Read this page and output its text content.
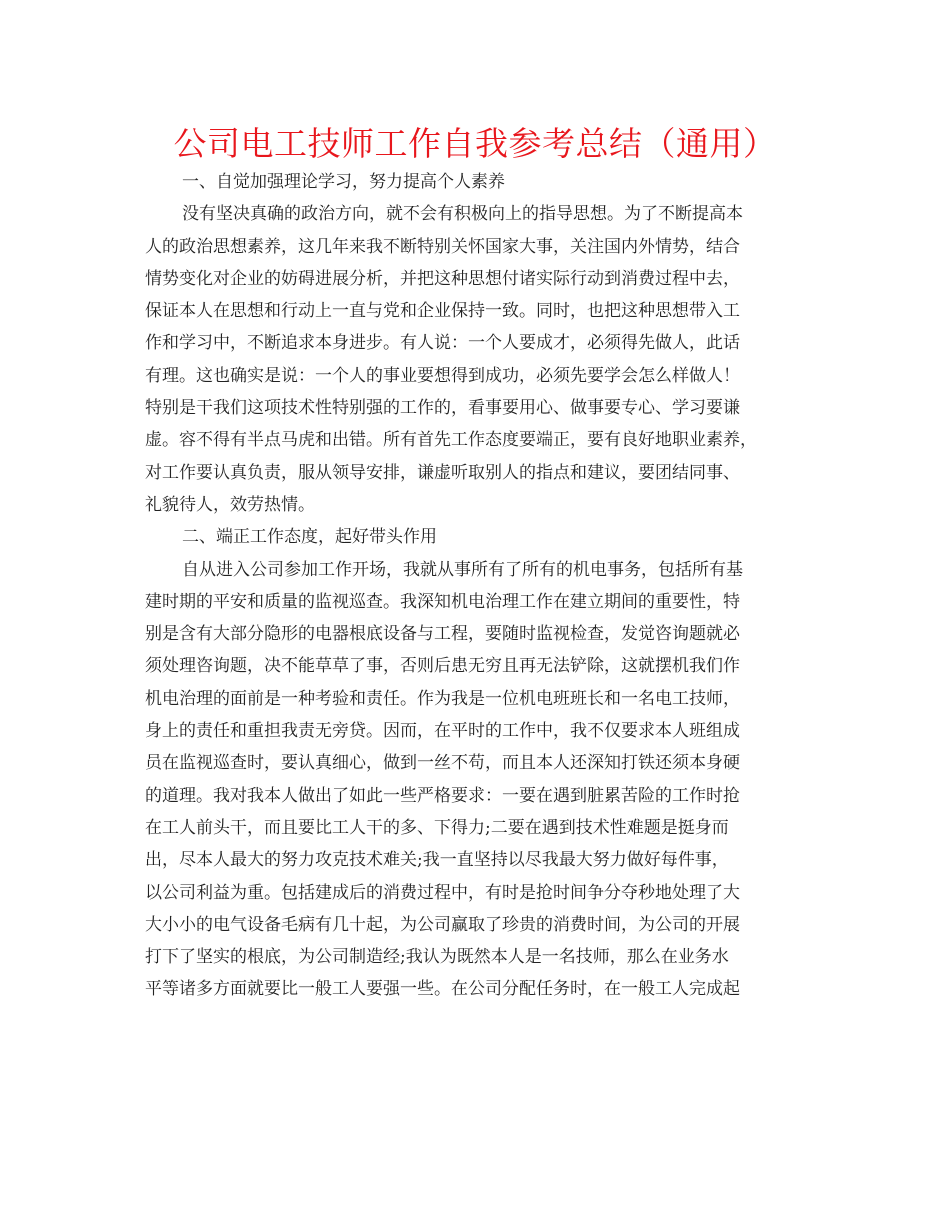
公司电工技师工作自我参考总结（通用）
一、自觉加强理论学习，努力提高个人素养
没有坚决真确的政治方向，就不会有积极向上的指导思想。为了不断提高本
人的政治思想素养，这几年来我不断特别关怀国家大事，关注国内外情势，结合
情势变化对企业的妨碍进展分析，并把这种思想付诸实际行动到消费过程中去，
保证本人在思想和行动上一直与党和企业保持一致。同时，也把这种思想带入工
作和学习中，不断追求本身进步。有人说：一个人要成才，必须得先做人，此话
有理。这也确实是说：一个人的事业要想得到成功，必须先要学会怎么样做人！
特别是干我们这项技术性特别强的工作的，看事要用心、做事要专心、学习要谦
虚。容不得有半点马虎和出错。所有首先工作态度要端正，要有良好地职业素养，
对工作要认真负责，服从领导安排，谦虚听取别人的指点和建议，要团结同事、
礼貌待人，效劳热情。
二、端正工作态度，起好带头作用
自从进入公司参加工作开场，我就从事所有了所有的机电事务，包括所有基
建时期的平安和质量的监视巡查。我深知机电治理工作在建立期间的重要性，特
别是含有大部分隐形的电器根底设备与工程，要随时监视检查，发觉咨询题就必
须处理咨询题，决不能草草了事，否则后患无穷且再无法铲除，这就摆机我们作
机电治理的面前是一种考验和责任。作为我是一位机电班班长和一名电工技师，
身上的责任和重担我责无旁贷。因而，在平时的工作中，我不仅要求本人班组成
员在监视巡查时，要认真细心，做到一丝不苟，而且本人还深知打铁还须本身硬
的道理。我对我本人做出了如此一些严格要求：一要在遇到脏累苦险的工作时抢
在工人前头干，而且要比工人干的多、下得力;二要在遇到技术性难题是挺身而
出，尽本人最大的努力攻克技术难关;我一直坚持以尽我最大努力做好每件事，
以公司利益为重。包括建成后的消费过程中，有时是抢时间争分夺秒地处理了大
大小小的电气设备毛病有几十起，为公司赢取了珍贵的消费时间，为公司的开展
打下了坚实的根底，为公司制造经;我认为既然本人是一名技师，那么在业务水
平等诸多方面就要比一般工人要强一些。在公司分配任务时，在一般工人完成起
